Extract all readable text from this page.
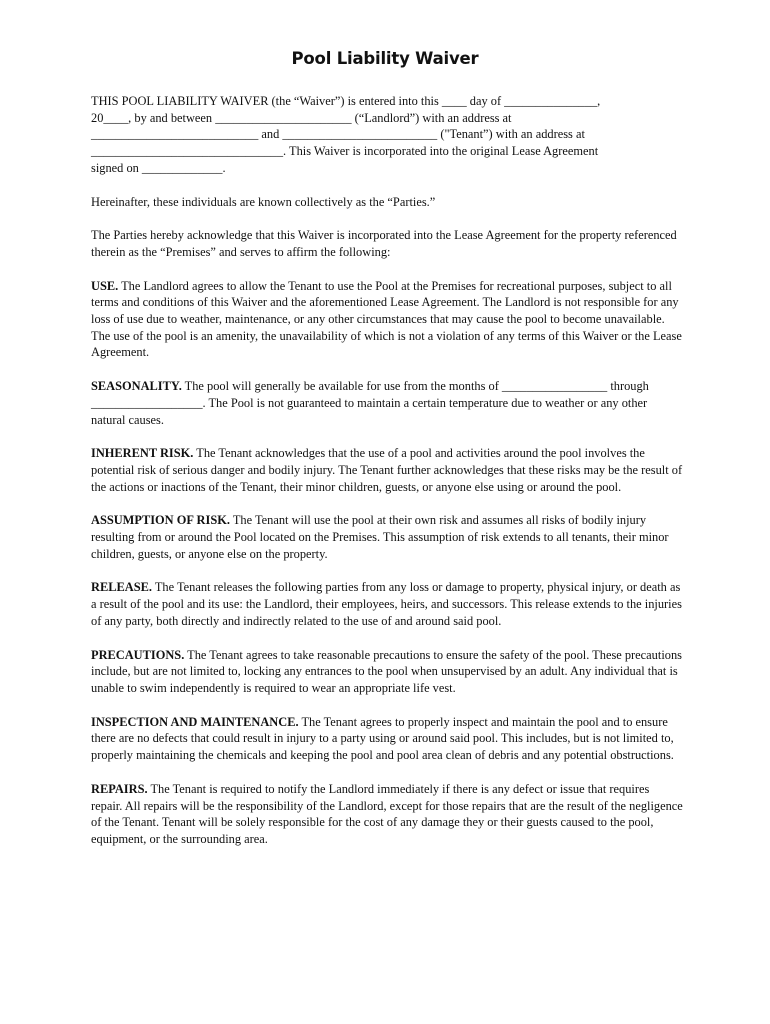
Pool Liability Waiver

THIS POOL LIABILITY WAIVER (the “Waiver”) is entered into this ____ day of _______________,
20____, by and between ______________________ (“Landlord”) with an address at
___________________________ and _________________________ ("Tenant”) with an address at
_______________________________. This Waiver is incorporated into the original Lease Agreement
signed on _____________.

Hereinafter, these individuals are known collectively as the “Parties.”

The Parties hereby acknowledge that this Waiver is incorporated into the Lease Agreement for the property referenced therein as the “Premises” and serves to affirm the following:

USE. The Landlord agrees to allow the Tenant to use the Pool at the Premises for recreational purposes, subject to all terms and conditions of this Waiver and the aforementioned Lease Agreement. The Landlord is not responsible for any loss of use due to weather, maintenance, or any other circumstances that may cause the pool to become unavailable. The use of the pool is an amenity, the unavailability of which is not a violation of any terms of this Waiver or the Lease Agreement.

SEASONALITY. The pool will generally be available for use from the months of _________________ through __________________. The Pool is not guaranteed to maintain a certain temperature due to weather or any other natural causes.

INHERENT RISK. The Tenant acknowledges that the use of a pool and activities around the pool involves the potential risk of serious danger and bodily injury. The Tenant further acknowledges that these risks may be the result of the actions or inactions of the Tenant, their minor children, guests, or anyone else using or around the pool.

ASSUMPTION OF RISK. The Tenant will use the pool at their own risk and assumes all risks of bodily injury resulting from or around the Pool located on the Premises. This assumption of risk extends to all tenants, their minor children, guests, or anyone else on the property.

RELEASE. The Tenant releases the following parties from any loss or damage to property, physical injury, or death as a result of the pool and its use: the Landlord, their employees, heirs, and successors. This release extends to the injuries of any party, both directly and indirectly related to the use of and around said pool.

PRECAUTIONS. The Tenant agrees to take reasonable precautions to ensure the safety of the pool. These precautions include, but are not limited to, locking any entrances to the pool when unsupervised by an adult. Any individual that is unable to swim independently is required to wear an appropriate life vest.

INSPECTION AND MAINTENANCE. The Tenant agrees to properly inspect and maintain the pool and to ensure there are no defects that could result in injury to a party using or around said pool. This includes, but is not limited to, properly maintaining the chemicals and keeping the pool and pool area clean of debris and any potential obstructions.

REPAIRS. The Tenant is required to notify the Landlord immediately if there is any defect or issue that requires repair. All repairs will be the responsibility of the Landlord, except for those repairs that are the result of the negligence of the Tenant. Tenant will be solely responsible for the cost of any damage they or their guests caused to the pool, equipment, or the surrounding area.
